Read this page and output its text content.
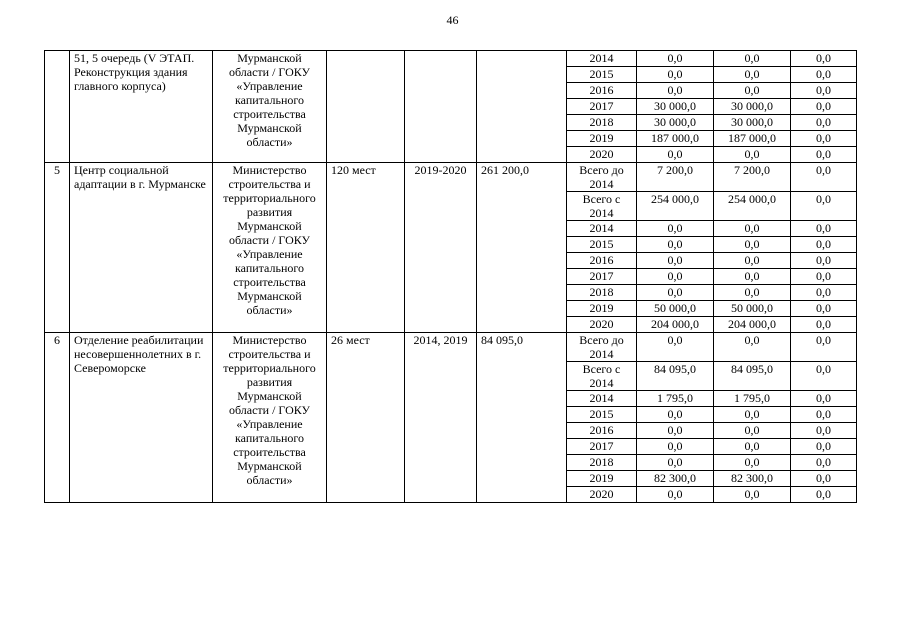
46
	51, 5 очередь (V ЭТАП. Реконструкция здания главного корпуса)	Мурманской области / ГОКУ «Управление капитального строительства Мурманской области»				2014	0,0	0,0	0,0
						2015	0,0	0,0	0,0
						2016	0,0	0,0	0,0
						2017	30 000,0	30 000,0	0,0
						2018	30 000,0	30 000,0	0,0
						2019	187 000,0	187 000,0	0,0
						2020	0,0	0,0	0,0
5	Центр социальной адаптации в г. Мурманске	Министерство строительства и территориального развития Мурманской области / ГОКУ «Управление капитального строительства Мурманской области»	120 мест	2019-2020	261 200,0	Всего до 2014	7 200,0	7 200,0	0,0
						Всего с 2014	254 000,0	254 000,0	0,0
						2014	0,0	0,0	0,0
						2015	0,0	0,0	0,0
						2016	0,0	0,0	0,0
						2017	0,0	0,0	0,0
						2018	0,0	0,0	0,0
						2019	50 000,0	50 000,0	0,0
						2020	204 000,0	204 000,0	0,0
6	Отделение реабилитации несовершеннолетних в г. Североморске	Министерство строительства и территориального развития Мурманской области / ГОКУ «Управление капитального строительства Мурманской области»	26 мест	2014, 2019	84 095,0	Всего до 2014	0,0	0,0	0,0
						Всего с 2014	84 095,0	84 095,0	0,0
						2014	1 795,0	1 795,0	0,0
						2015	0,0	0,0	0,0
						2016	0,0	0,0	0,0
						2017	0,0	0,0	0,0
						2018	0,0	0,0	0,0
						2019	82 300,0	82 300,0	0,0
						2020	0,0	0,0	0,0
